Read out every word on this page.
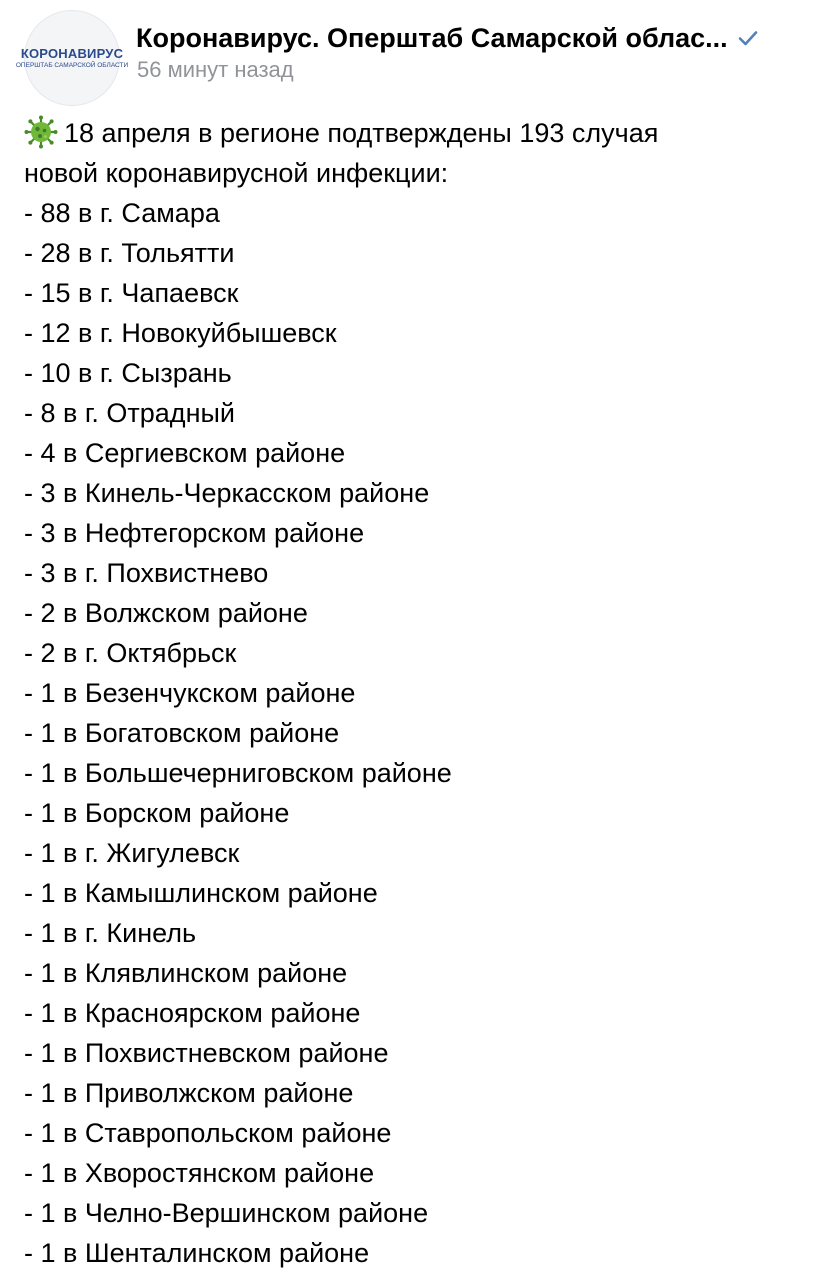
КОРОНАВИРУС
ОПЕРШТАБ САМАРСКОЙ ОБЛАСТИ
Коронавирус. Оперштаб Самарской облас...
56 минут назад
18 апреля в регионе подтверждены 193 случая
новой коронавирусной инфекции:
- 88 в г. Самара
- 28 в г. Тольятти
- 15 в г. Чапаевск
- 12 в г. Новокуйбышевск
- 10 в г. Сызрань
- 8 в г. Отрадный
- 4 в Сергиевском районе
- 3 в Кинель-Черкасском районе
- 3 в Нефтегорском районе
- 3 в г. Похвистнево
- 2 в Волжском районе
- 2 в г. Октябрьск
- 1 в Безенчукском районе
- 1 в Богатовском районе
- 1 в Большечерниговском районе
- 1 в Борском районе
- 1 в г. Жигулевск
- 1 в Камышлинском районе
- 1 в г. Кинель
- 1 в Клявлинском районе
- 1 в Красноярском районе
- 1 в Похвистневском районе
- 1 в Приволжском районе
- 1 в Ставропольском районе
- 1 в Хворостянском районе
- 1 в Челно-Вершинском районе
- 1 в Шенталинском районе
